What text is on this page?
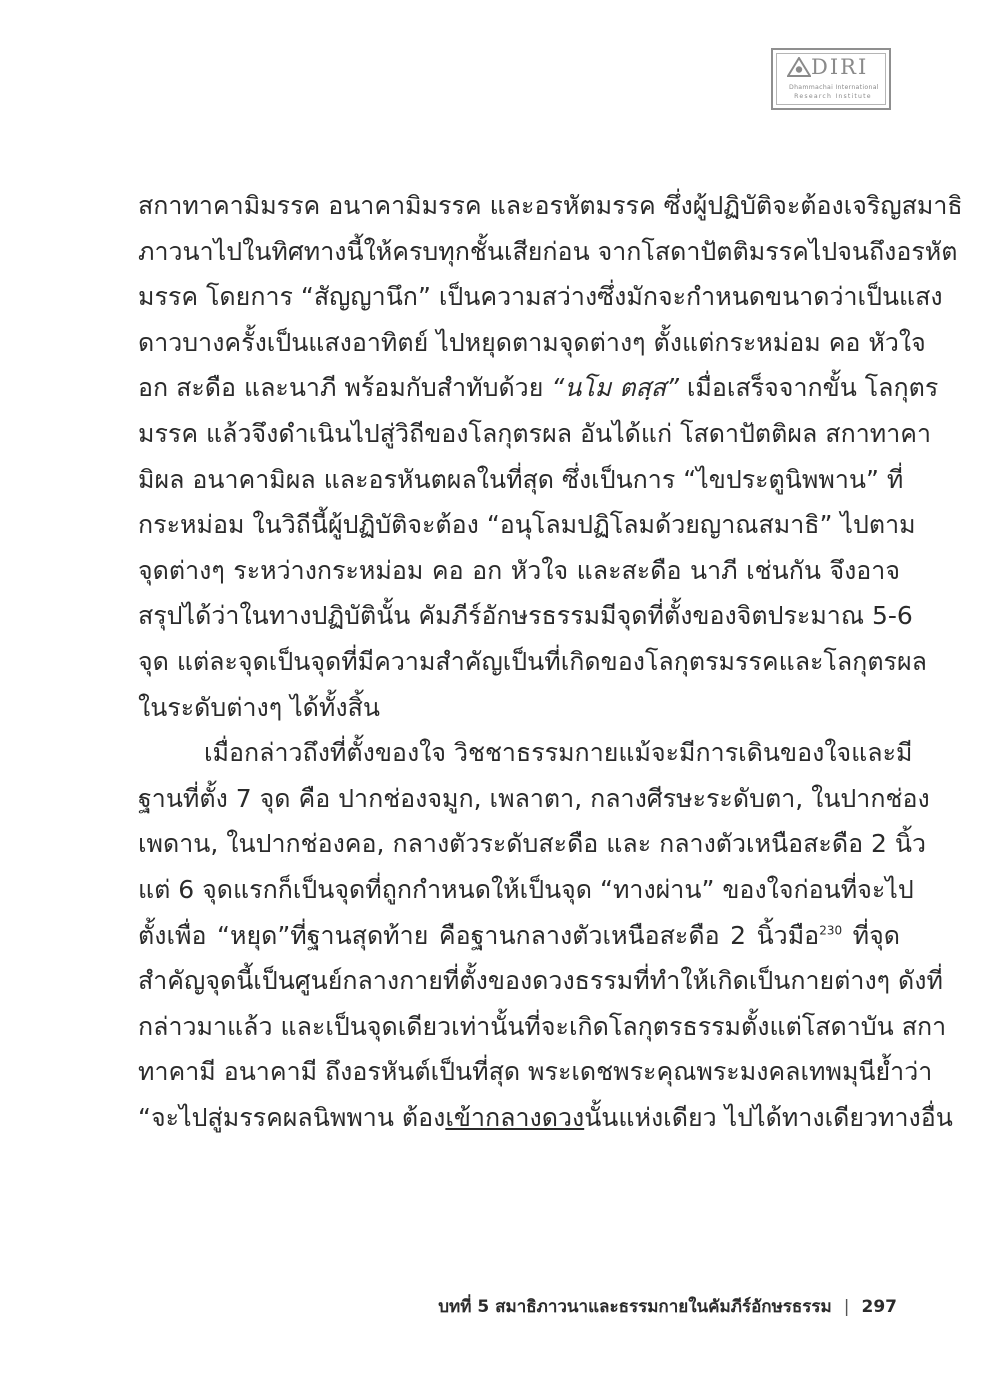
DIRI
Dhammachai International
Research Institute
สกาทาคามิมรรค อนาคามิมรรค และอรหัตมรรค ซึ่งผู้ปฏิบัติจะต้องเจริญสมาธิ
ภาวนาไปในทิศทางนี้ให้ครบทุกชั้นเสียก่อน จากโสดาปัตติมรรคไปจนถึงอรหัต
มรรค โดยการ “สัญญานึก” เป็นความสว่างซึ่งมักจะกำหนดขนาดว่าเป็นแสง
ดาวบางครั้งเป็นแสงอาทิตย์ ไปหยุดตามจุดต่างๆ ตั้งแต่กระหม่อม คอ หัวใจ
อก สะดือ และนาภี พร้อมกับสำทับด้วย “นโม ตสฺส” เมื่อเสร็จจากขั้น โลกุตร
มรรค แล้วจึงดำเนินไปสู่วิถีของโลกุตรผล อันได้แก่ โสดาปัตติผล สกาทาคา
มิผล อนาคามิผล และอรหันตผลในที่สุด ซึ่งเป็นการ “ไขประตูนิพพาน” ที่
กระหม่อม ในวิถีนี้ผู้ปฏิบัติจะต้อง “อนุโลมปฏิโลมด้วยญาณสมาธิ” ไปตาม
จุดต่างๆ ระหว่างกระหม่อม คอ อก หัวใจ และสะดือ นาภี เช่นกัน จึงอาจ
สรุปได้ว่าในทางปฏิบัตินั้น คัมภีร์อักษรธรรมมีจุดที่ตั้งของจิตประมาณ 5-6
จุด แต่ละจุดเป็นจุดที่มีความสำคัญเป็นที่เกิดของโลกุตรมรรคและโลกุตรผล
ในระดับต่างๆ ได้ทั้งสิ้น
เมื่อกล่าวถึงที่ตั้งของใจ วิชชาธรรมกายแม้จะมีการเดินของใจและมี
ฐานที่ตั้ง 7 จุด คือ ปากช่องจมูก, เพลาตา, กลางศีรษะระดับตา, ในปากช่อง
เพดาน, ในปากช่องคอ, กลางตัวระดับสะดือ และ กลางตัวเหนือสะดือ 2 นิ้ว
แต่ 6 จุดแรกก็เป็นจุดที่ถูกกำหนดให้เป็นจุด “ทางผ่าน” ของใจก่อนที่จะไป
ตั้งเพื่อ “หยุด”ที่ฐานสุดท้าย คือฐานกลางตัวเหนือสะดือ 2 นิ้วมือ$^{230}$ ที่จุด
สำคัญจุดนี้เป็นศูนย์กลางกายที่ตั้งของดวงธรรมที่ทำให้เกิดเป็นกายต่างๆ ดังที่
กล่าวมาแล้ว และเป็นจุดเดียวเท่านั้นที่จะเกิดโลกุตรธรรมตั้งแต่โสดาบัน สกา
ทาคามี อนาคามี ถึงอรหันต์เป็นที่สุด พระเดชพระคุณพระมงคลเทพมุนีย้ำว่า
“จะไปสู่มรรคผลนิพพาน ต้องเข้ากลางดวงนั้นแห่งเดียว ไปได้ทางเดียวทางอื่น
บทที่ 5 สมาธิภาวนาและธรรมกายในคัมภีร์อักษรธรรม | 297
